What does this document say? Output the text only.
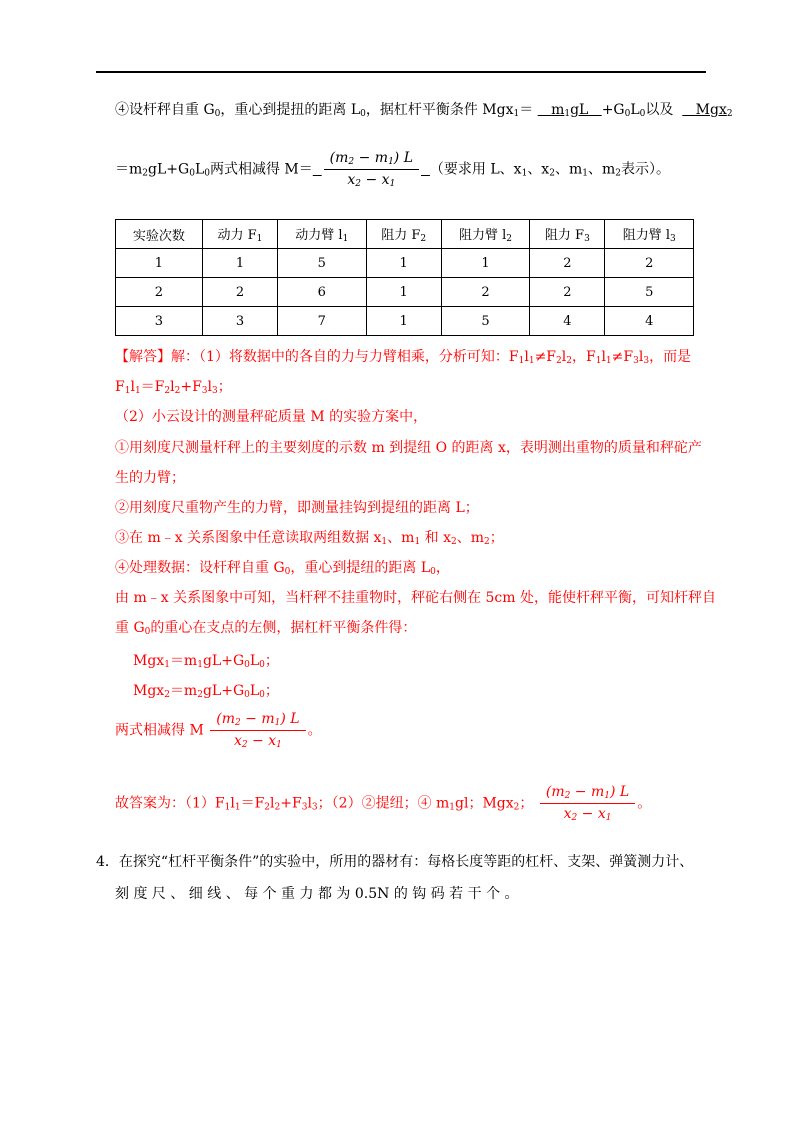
④设杆秤自重 $G_0$，重心到提扭的距离 $L_0$，据杠杆平衡条件 $Mgx_1= m_1gL +G_0L_0$以及 Mgx$_2$
$=m_2gL+G_0L_0$两式相减得 $M= \frac{(m_2 - m_1) L}{x_2 - x_1}$ （要求用 L、$x_1$、$x_2$、$m_1$、$m_2$表示）。
实验次数	动力 $F_1$	动力臂 $l_1$	阻力 $F_2$	阻力臂 $l_2$	阻力 $F_3$	阻力臂 $l_3$
1	1	5	1	1	2	2
2	2	6	1	2	2	5
3	3	7	1	5	4	4
【解答】解：（1）将数据中的各自的力与力臂相乘，分析可知：$F_1l_1\ne F_2l_2$，$F_1l_1\ne F_3l_3$，而是
$F_1l_1=F_2l_2+F_3l_3$；
（2）小云设计的测量秤砣质量 M 的实验方案中，
①用刻度尺测量杆秤上的主要刻度的示数 m 到提纽 O 的距离 x，表明测出重物的质量和秤砣产
生的力臂；
②用刻度尺重物产生的力臂，即测量挂钩到提纽的距离 L；
③在 m﹣x 关系图象中任意读取两组数据 $x_1$、$m_1$ 和 $x_2$、$m_2$；
④处理数据：设杆秤自重 $G_0$，重心到提纽的距离 $L_0$，
由 m﹣x 关系图象中可知，当杆秤不挂重物时，秤砣右侧在 5cm 处，能使杆秤平衡，可知杆秤自
重 $G_0$的重心在支点的左侧，据杠杆平衡条件得：
$Mgx_1=m_1gL+G_0L_0$；
$Mgx_2=m_2gL+G_0L_0$；
两式相减得 M $\frac{(m_2 - m_1) L}{x_2 - x_1}$ 。
故答案为：$(1)F_1l_1=F_2l_2+F_3l_3$；（2）②提纽；④ $m_1gl$；Mgx$_2$； $\frac{(m_2 - m_1) L}{x_2 - x_1}$ 。
4．在探究“杠杆平衡条件”的实验中，所用的器材有：每格长度等距的杠杆、支架、弹簧测力计、
刻 度 尺 、 细 线 、 每 个 重 力 都 为 0.5N 的 钩 码 若 干 个 。
